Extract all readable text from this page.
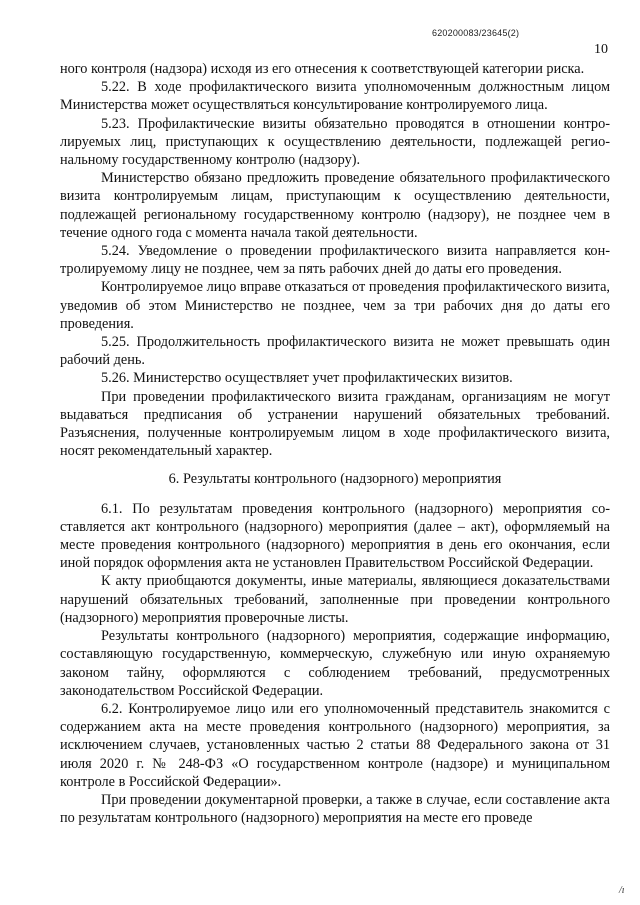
620200083/23645(2)
10

ного контроля (надзора) исходя из его отнесения к соответствующей категории риска.

5.22. В ходе профилактического визита уполномоченным должностным лицом Министерства может осуществляться консультирование контролируемого лица.

5.23. Профилактические визиты обязательно проводятся в отношении контролируемых лиц, приступающих к осуществлению деятельности, подлежащей региональному государственному контролю (надзору).

Министерство обязано предложить проведение обязательного профилактического визита контролируемым лицам, приступающим к осуществлению деятельности, подлежащей региональному государственному контролю (надзору), не позднее чем в течение одного года с момента начала такой деятельности.

5.24. Уведомление о проведении профилактического визита направляется контролируемому лицу не позднее, чем за пять рабочих дней до даты его проведения.

Контролируемое лицо вправе отказаться от проведения профилактического визита, уведомив об этом Министерство не позднее, чем за три рабочих дня до даты его проведения.

5.25. Продолжительность профилактического визита не может превышать один рабочий день.

5.26. Министерство осуществляет учет профилактических визитов.

При проведении профилактического визита гражданам, организациям не могут выдаваться предписания об устранении нарушений обязательных требований. Разъяснения, полученные контролируемым лицом в ходе профилактического визита, носят рекомендательный характер.

6. Результаты контрольного (надзорного) мероприятия

6.1. По результатам проведения контрольного (надзорного) мероприятия составляется акт контрольного (надзорного) мероприятия (далее – акт), оформляемый на месте проведения контрольного (надзорного) мероприятия в день его окончания, если иной порядок оформления акта не установлен Правительством Российской Федерации.

К акту приобщаются документы, иные материалы, являющиеся доказательствами нарушений обязательных требований, заполненные при проведении контрольного (надзорного) мероприятия проверочные листы.

Результаты контрольного (надзорного) мероприятия, содержащие информацию, составляющую государственную, коммерческую, служебную или иную охраняемую законом тайну, оформляются с соблюдением требований, предусмотренных законодательством Российской Федерации.

6.2. Контролируемое лицо или его уполномоченный представитель знакомится с содержанием акта на месте проведения контрольного (надзорного) мероприятия, за исключением случаев, установленных частью 2 статьи 88 Федерального закона от 31 июля 2020 г. № 248-ФЗ «О государственном контроле (надзоре) и муниципальном контроле в Российской Федерации».

При проведении документарной проверки, а также в случае, если составление акта по результатам контрольного (надзорного) мероприятия на месте его проведе

/ı
